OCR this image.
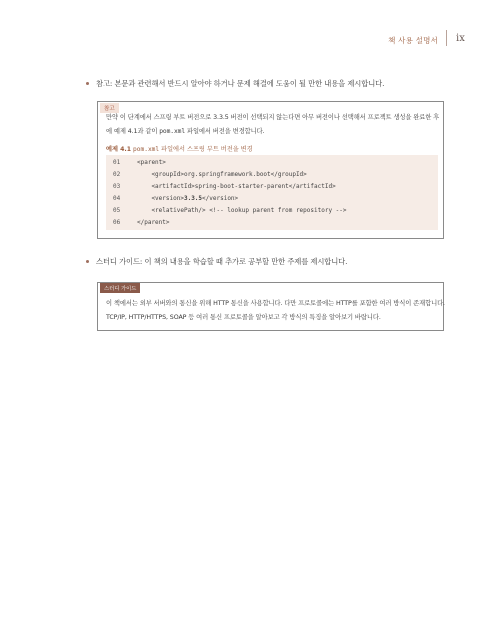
책 사용 설명서 ix
참고: 본문과 관련해서 반드시 알아야 하거나 문제 해결에 도움이 될 만한 내용을 제시합니다.
참고
만약 이 단계에서 스프링 부트 버전으로 3.3.5 버전이 선택되지 않는다면 아무 버전이나 선택해서 프로젝트 생성을 완료한 후
에 예제 4.1과 같이 pom.xml 파일에서 버전을 변경합니다.
예제 4.1 pom.xml 파일에서 스프링 부트 버전을 변경
01	<parent>
02	<groupId>org.springframework.boot</groupId>
03	<artifactId>spring-boot-starter-parent</artifactId>
04	<version>3.3.5</version>
05	<relativePath/> <!-- lookup parent from repository -->
06	</parent>
스터디 가이드: 이 책의 내용을 학습할 때 추가로 공부할 만한 주제를 제시합니다.
스터디 가이드
이 책에서는 외부 서버와의 통신을 위해 HTTP 통신을 사용합니다. 다만 프로토콜에는 HTTP를 포함한 여러 방식이 존재합니다.
TCP/IP, HTTP/HTTPS, SOAP 등 여러 통신 프로토콜을 알아보고 각 방식의 특징을 알아보기 바랍니다.
